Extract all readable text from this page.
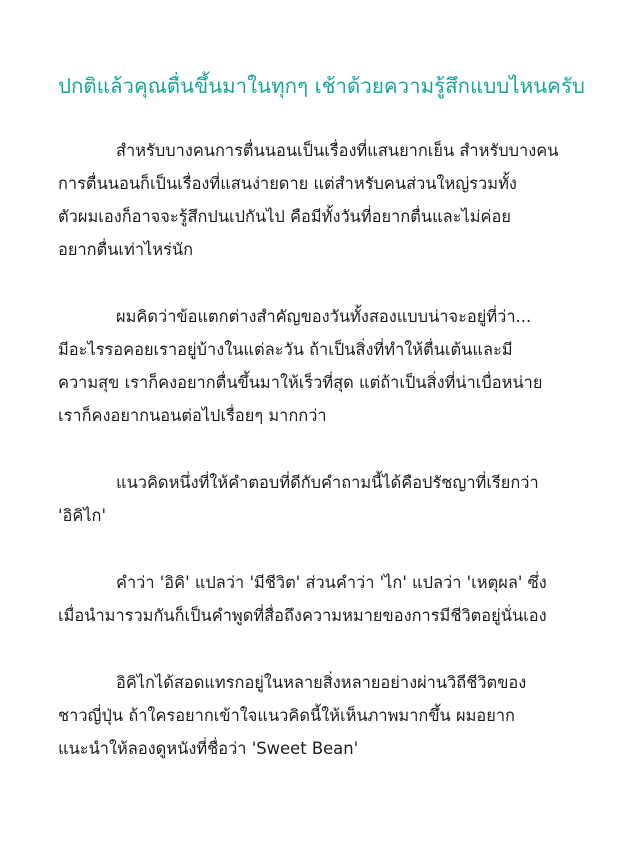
ปกติแล้วคุณตื่นขึ้นมาในทุกๆ เช้าด้วยความรู้สึกแบบไหนครับ
สำหรับบางคนการตื่นนอนเป็นเรื่องที่แสนยากเย็น สำหรับบางคน
การตื่นนอนก็เป็นเรื่องที่แสนง่ายดาย แต่สำหรับคนส่วนใหญ่รวมทั้ง
ตัวผมเองก็อาจจะรู้สึกปนเปกันไป คือมีทั้งวันที่อยากตื่นและไม่ค่อย
อยากตื่นเท่าไหร่นัก
ผมคิดว่าข้อแตกต่างสำคัญของวันทั้งสองแบบน่าจะอยู่ที่ว่า...
มีอะไรรอคอยเราอยู่บ้างในแต่ละวัน ถ้าเป็นสิ่งที่ทำให้ตื่นเต้นและมี
ความสุข เราก็คงอยากตื่นขึ้นมาให้เร็วที่สุด แต่ถ้าเป็นสิ่งที่น่าเบื่อหน่าย
เราก็คงอยากนอนต่อไปเรื่อยๆ มากกว่า
แนวคิดหนึ่งที่ให้คำตอบที่ดีกับคำถามนี้ได้คือปรัชญาที่เรียกว่า
'อิคิไก'
คำว่า 'อิคิ' แปลว่า 'มีชีวิต' ส่วนคำว่า 'ไก' แปลว่า 'เหตุผล' ซึ่ง
เมื่อนำมารวมกันก็เป็นคำพูดที่สื่อถึงความหมายของการมีชีวิตอยู่นั่นเอง
อิคิไกได้สอดแทรกอยู่ในหลายสิ่งหลายอย่างผ่านวิถีชีวิตของ
ชาวญี่ปุ่น ถ้าใครอยากเข้าใจแนวคิดนี้ให้เห็นภาพมากขึ้น ผมอยาก
แนะนำให้ลองดูหนังที่ชื่อว่า 'Sweet Bean'
